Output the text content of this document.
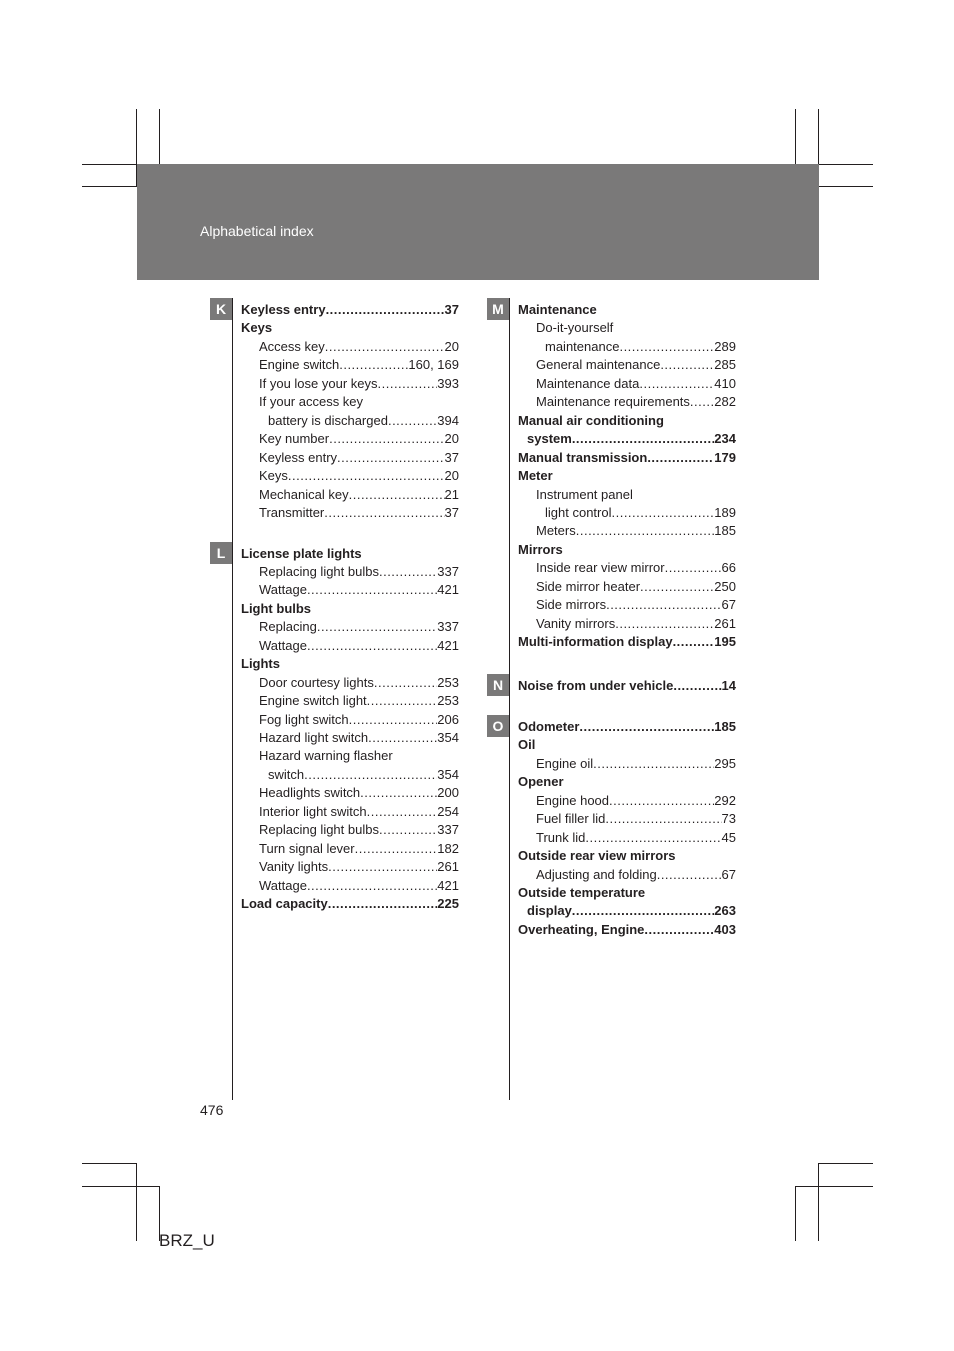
Alphabetical index
K
L
M
N
O
Keyless entry .....	37
Keys
Access key .....	20
Engine switch .....	160, 169
If you lose your keys .....	393
If your access key
battery is discharged .....	394
Key number .....	20
Keyless entry .....	37
Keys .....	20
Mechanical key .....	21
Transmitter .....	37
License plate lights
Replacing light bulbs .....	337
Wattage .....	421
Light bulbs
Replacing .....	337
Wattage .....	421
Lights
Door courtesy lights .....	253
Engine switch light .....	253
Fog light switch .....	206
Hazard light switch .....	354
Hazard warning flasher
switch .....	354
Headlights switch .....	200
Interior light switch .....	254
Replacing light bulbs .....	337
Turn signal lever .....	182
Vanity lights .....	261
Wattage .....	421
Load capacity .....	225
Maintenance
Do-it-yourself
maintenance .....	289
General maintenance .....	285
Maintenance data .....	410
Maintenance requirements ..... 282
Manual air conditioning
system .....	234
Manual transmission .....	179
Meter
Instrument panel
light control .....	189
Meters .....	185
Mirrors
Inside rear view mirror .....	66
Side mirror heater .....	250
Side mirrors .....	67
Vanity mirrors .....	261
Multi-information display .....	195
Noise from under vehicle .....	14
Odometer .....	185
Oil
Engine oil .....	295
Opener
Engine hood .....	292
Fuel filler lid .....	73
Trunk lid .....	45
Outside rear view mirrors
Adjusting and folding .....	67
Outside temperature
display .....	263
Overheating, Engine .....	403
476
BRZ_U
